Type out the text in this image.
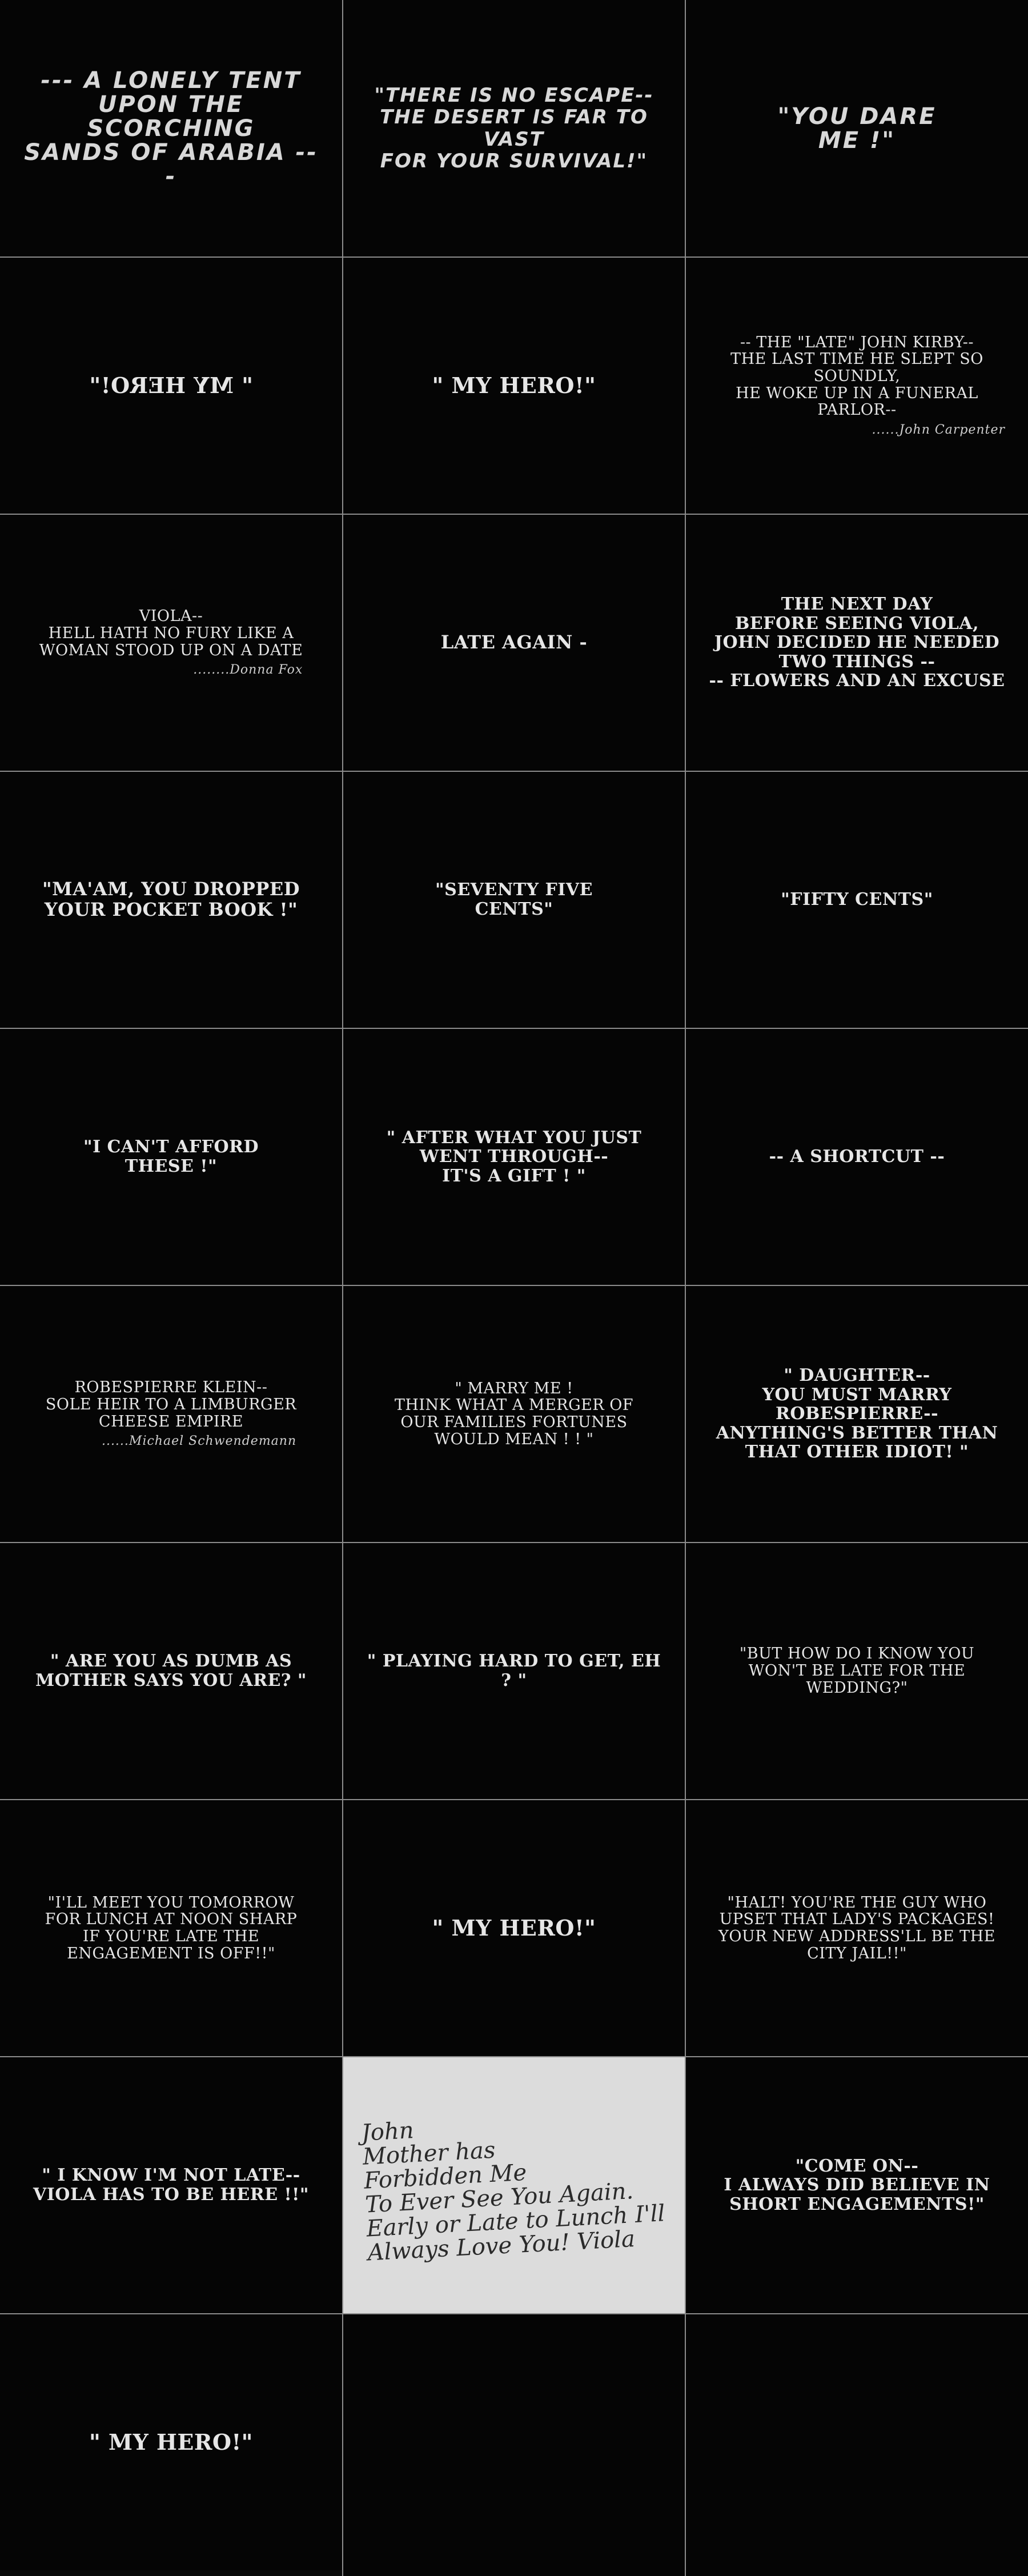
--- A LONELY TENT
UPON THE SCORCHING
SANDS OF ARABIA ---
"THERE IS NO ESCAPE--
THE DESERT IS FAR TO VAST
FOR YOUR SURVIVAL!"
"YOU DARE
ME !"
" MY HERO!"	" MY HERO!"
-- THE "LATE" JOHN KIRBY--
THE LAST TIME HE SLEPT SO SOUNDLY,
HE WOKE UP IN A FUNERAL PARLOR--
......John Carpenter
VIOLA--
HELL HATH NO FURY LIKE A
WOMAN STOOD UP ON A DATE
........Donna Fox
LATE AGAIN -
THE NEXT DAY
BEFORE SEEING VIOLA,
JOHN DECIDED HE NEEDED
TWO THINGS --
-- FLOWERS AND AN EXCUSE
"MA'AM, YOU DROPPED
YOUR POCKET BOOK !"
"SEVENTY FIVE
CENTS"	"FIFTY CENTS"
"I CAN'T AFFORD
THESE !"
" AFTER WHAT YOU JUST
WENT THROUGH--
IT'S A GIFT ! "
-- A SHORTCUT --
ROBESPIERRE KLEIN--
SOLE HEIR TO A LIMBURGER
CHEESE EMPIRE
......Michael Schwendemann
" MARRY ME !
THINK WHAT A MERGER OF
OUR FAMILIES FORTUNES
WOULD MEAN ! ! "
" DAUGHTER--
YOU MUST MARRY
ROBESPIERRE--
ANYTHING'S BETTER THAN
THAT OTHER IDIOT! "
" ARE YOU AS DUMB AS
MOTHER SAYS YOU ARE? "
" PLAYING HARD TO GET, EH ? "
"BUT HOW DO I KNOW YOU
WON'T BE LATE FOR THE
WEDDING?"
"I'LL MEET YOU TOMORROW
FOR LUNCH AT NOON SHARP
IF YOU'RE LATE THE
ENGAGEMENT IS OFF!!"
" MY HERO!"
"HALT! YOU'RE THE GUY WHO
UPSET THAT LADY'S PACKAGES!
YOUR NEW ADDRESS'LL BE THE
CITY JAIL!!"
" I KNOW I'M NOT LATE--
VIOLA HAS TO BE HERE !!"
John
Mother has
Forbidden Me
To Ever See You Again.
Early or Late to Lunch I'll
Always Love You! Viola
"COME ON--
I ALWAYS DID BELIEVE IN
SHORT ENGAGEMENTS!"
" MY HERO!"
